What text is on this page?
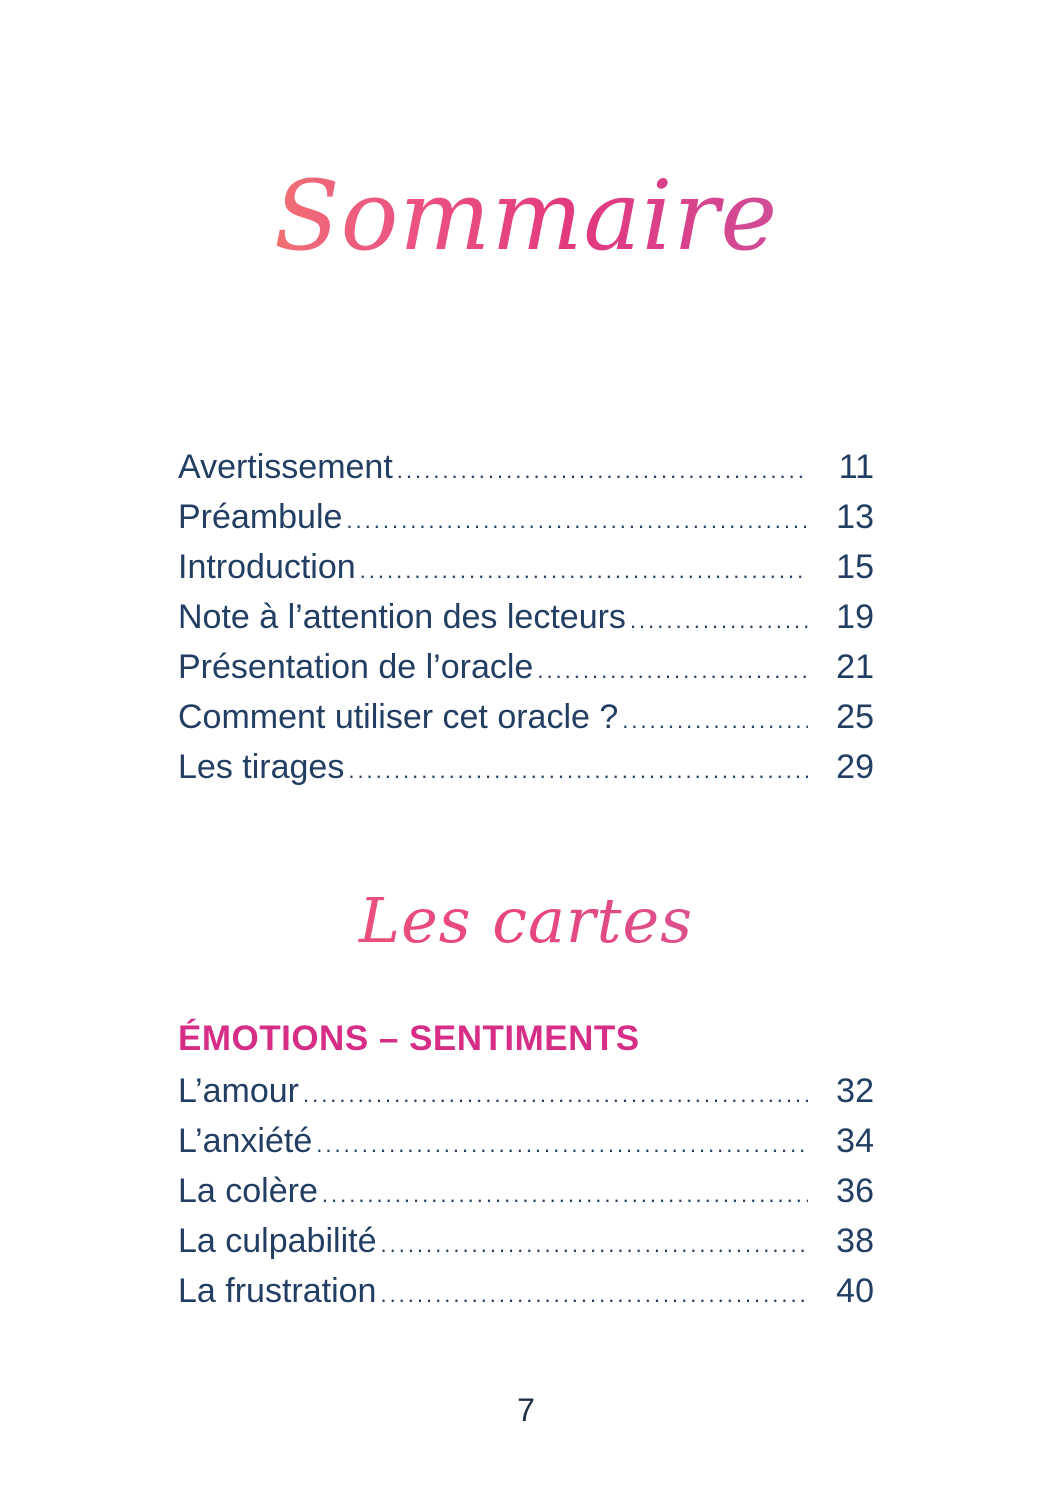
Sommaire
Avertissement .....	11
Préambule .....	13
Introduction .....	15
Note à l’attention des lecteurs .....	19
Présentation de l’oracle .....	21
Comment utiliser cet oracle ? .....	25
Les tirages .....	29
Les cartes
ÉMOTIONS – SENTIMENTS
L’amour .....	32
L’anxiété .....	34
La colère .....	36
La culpabilité .....	38
La frustration .....	40
7
